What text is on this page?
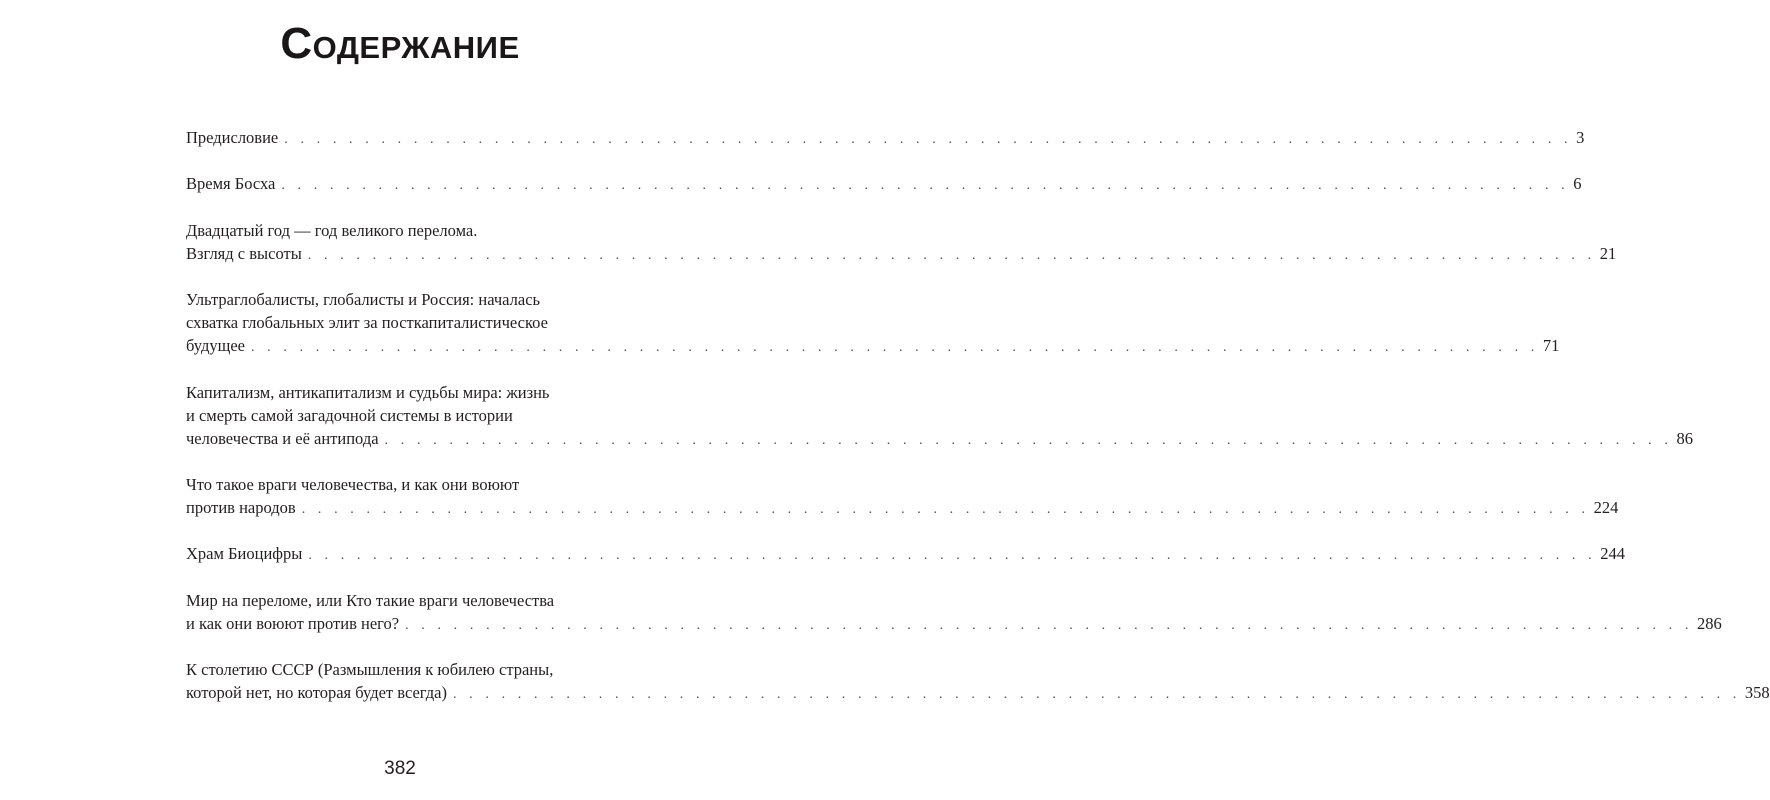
Содержание
Предисловие . . . . . . . . . . . . . . . . . . . . . . . . . . . . . . . . . . . . . . . . . . . . . . . . . . . . . . . . . . . . . . . . . . . . . . . . . . . . . . . . 3
Время Босха . . . . . . . . . . . . . . . . . . . . . . . . . . . . . . . . . . . . . . . . . . . . . . . . . . . . . . . . . . . . . . . . . . . . . . . . . . . . . . . . 6
Двадцатый год — год великого перелома.
Взгляд с высоты . . . . . . . . . . . . . . . . . . . . . . . . . . . . . . . . . . . . . . . . . . . . . . . . . . . . . . . . . . . . . . . . . . . . . . . . . . . . . . . . 21
Ультраглобалисты, глобалисты и Россия: началась
схватка глобальных элит за посткапиталистическое
будущее . . . . . . . . . . . . . . . . . . . . . . . . . . . . . . . . . . . . . . . . . . . . . . . . . . . . . . . . . . . . . . . . . . . . . . . . . . . . . . . . 71
Капитализм, антикапитализм и судьбы мира: жизнь
и смерть самой загадочной системы в истории
человечества и её антипода . . . . . . . . . . . . . . . . . . . . . . . . . . . . . . . . . . . . . . . . . . . . . . . . . . . . . . . . . . . . . . . . . . . . . . . . . . . . . . . . 86
Что такое враги человечества, и как они воюют
против народов . . . . . . . . . . . . . . . . . . . . . . . . . . . . . . . . . . . . . . . . . . . . . . . . . . . . . . . . . . . . . . . . . . . . . . . . . . . . . . . . 224
Храм Биоцифры . . . . . . . . . . . . . . . . . . . . . . . . . . . . . . . . . . . . . . . . . . . . . . . . . . . . . . . . . . . . . . . . . . . . . . . . . . . . . . . . 244
Мир на переломе, или Кто такие враги человечества
и как они воюют против него? . . . . . . . . . . . . . . . . . . . . . . . . . . . . . . . . . . . . . . . . . . . . . . . . . . . . . . . . . . . . . . . . . . . . . . . . . . . . . . . . 286
К столетию СССР (Размышления к юбилею страны,
которой нет, но которая будет всегда) . . . . . . . . . . . . . . . . . . . . . . . . . . . . . . . . . . . . . . . . . . . . . . . . . . . . . . . . . . . . . . . . . . . . . . . . . . . . . . . . 358
382
